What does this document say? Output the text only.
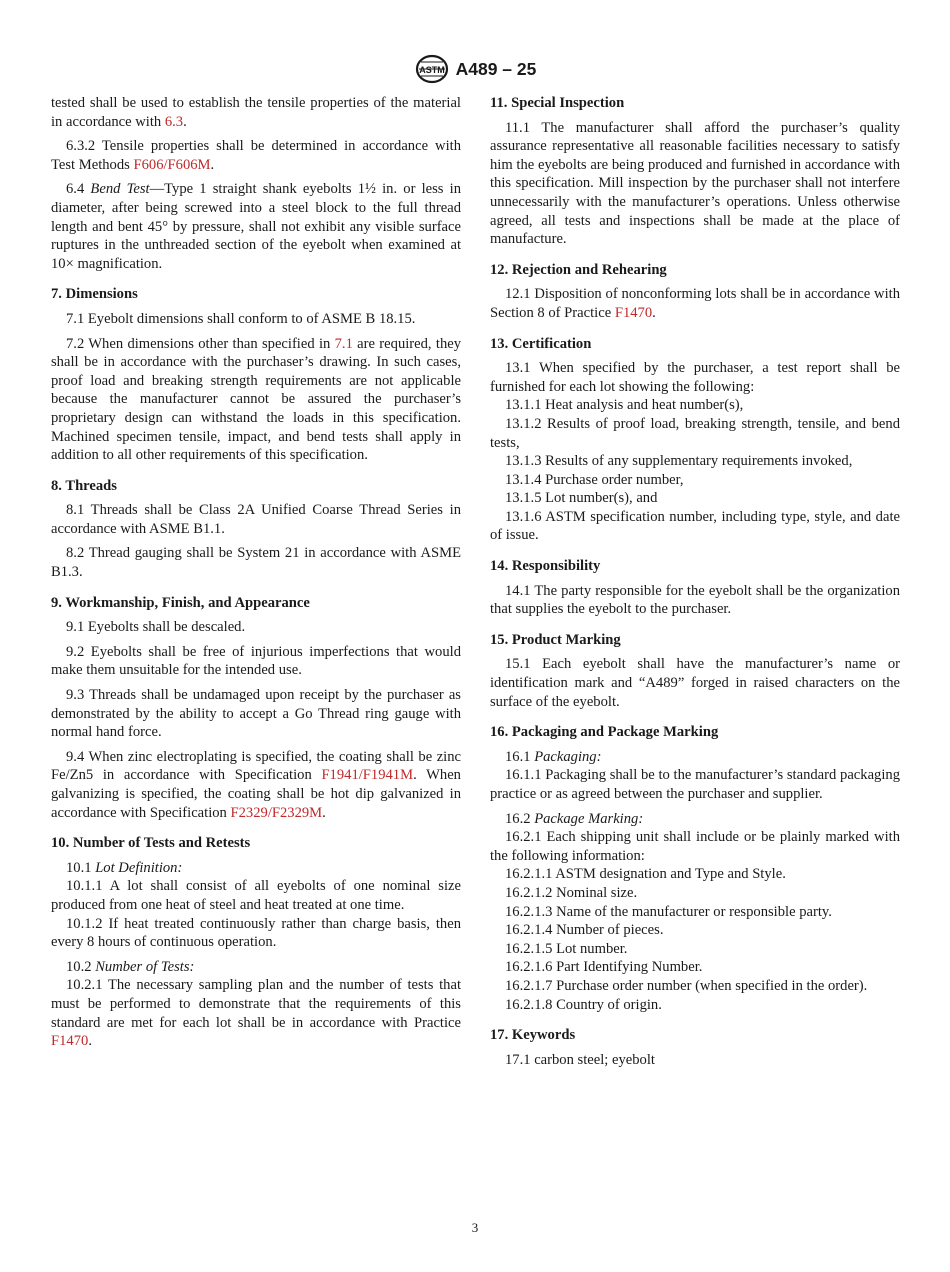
ASTM A489 – 25

tested shall be used to establish the tensile properties of the material in accordance with 6.3.

6.3.2 Tensile properties shall be determined in accordance with Test Methods F606/F606M.

6.4 Bend Test—Type 1 straight shank eyebolts 1½ in. or less in diameter, after being screwed into a steel block to the full thread length and bent 45° by pressure, shall not exhibit any visible surface ruptures in the unthreaded section of the eyebolt when examined at 10× magnification.

7. Dimensions

7.1 Eyebolt dimensions shall conform to of ASME B 18.15.

7.2 When dimensions other than specified in 7.1 are required, they shall be in accordance with the purchaser’s drawing. In such cases, proof load and breaking strength requirements are not applicable because the manufacturer cannot be assured the purchaser’s proprietary design can withstand the loads in this specification. Machined specimen tensile, impact, and bend tests shall apply in addition to all other requirements of this specification.

8. Threads

8.1 Threads shall be Class 2A Unified Coarse Thread Series in accordance with ASME B1.1.

8.2 Thread gauging shall be System 21 in accordance with ASME B1.3.

9. Workmanship, Finish, and Appearance

9.1 Eyebolts shall be descaled.

9.2 Eyebolts shall be free of injurious imperfections that would make them unsuitable for the intended use.

9.3 Threads shall be undamaged upon receipt by the purchaser as demonstrated by the ability to accept a Go Thread ring gauge with normal hand force.

9.4 When zinc electroplating is specified, the coating shall be zinc Fe/Zn5 in accordance with Specification F1941/F1941M. When galvanizing is specified, the coating shall be hot dip galvanized in accordance with Specification F2329/F2329M.

10. Number of Tests and Retests

10.1 Lot Definition:

10.1.1 A lot shall consist of all eyebolts of one nominal size produced from one heat of steel and heat treated at one time.

10.1.2 If heat treated continuously rather than charge basis, then every 8 hours of continuous operation.

10.2 Number of Tests:

10.2.1 The necessary sampling plan and the number of tests that must be performed to demonstrate that the requirements of this standard are met for each lot shall be in accordance with Practice F1470.

11. Special Inspection

11.1 The manufacturer shall afford the purchaser’s quality assurance representative all reasonable facilities necessary to satisfy him the eyebolts are being produced and furnished in accordance with this specification. Mill inspection by the purchaser shall not interfere unnecessarily with the manufacturer’s operations. Unless otherwise agreed, all tests and inspections shall be made at the place of manufacture.

12. Rejection and Rehearing

12.1 Disposition of nonconforming lots shall be in accordance with Section 8 of Practice F1470.

13. Certification

13.1 When specified by the purchaser, a test report shall be furnished for each lot showing the following:

13.1.1 Heat analysis and heat number(s),

13.1.2 Results of proof load, breaking strength, tensile, and bend tests,

13.1.3 Results of any supplementary requirements invoked,

13.1.4 Purchase order number,

13.1.5 Lot number(s), and

13.1.6 ASTM specification number, including type, style, and date of issue.

14. Responsibility

14.1 The party responsible for the eyebolt shall be the organization that supplies the eyebolt to the purchaser.

15. Product Marking

15.1 Each eyebolt shall have the manufacturer’s name or identification mark and “A489” forged in raised characters on the surface of the eyebolt.

16. Packaging and Package Marking

16.1 Packaging:

16.1.1 Packaging shall be to the manufacturer’s standard packaging practice or as agreed between the purchaser and supplier.

16.2 Package Marking:

16.2.1 Each shipping unit shall include or be plainly marked with the following information:

16.2.1.1 ASTM designation and Type and Style.

16.2.1.2 Nominal size.

16.2.1.3 Name of the manufacturer or responsible party.

16.2.1.4 Number of pieces.

16.2.1.5 Lot number.

16.2.1.6 Part Identifying Number.

16.2.1.7 Purchase order number (when specified in the order).

16.2.1.8 Country of origin.

17. Keywords

17.1 carbon steel; eyebolt

3
